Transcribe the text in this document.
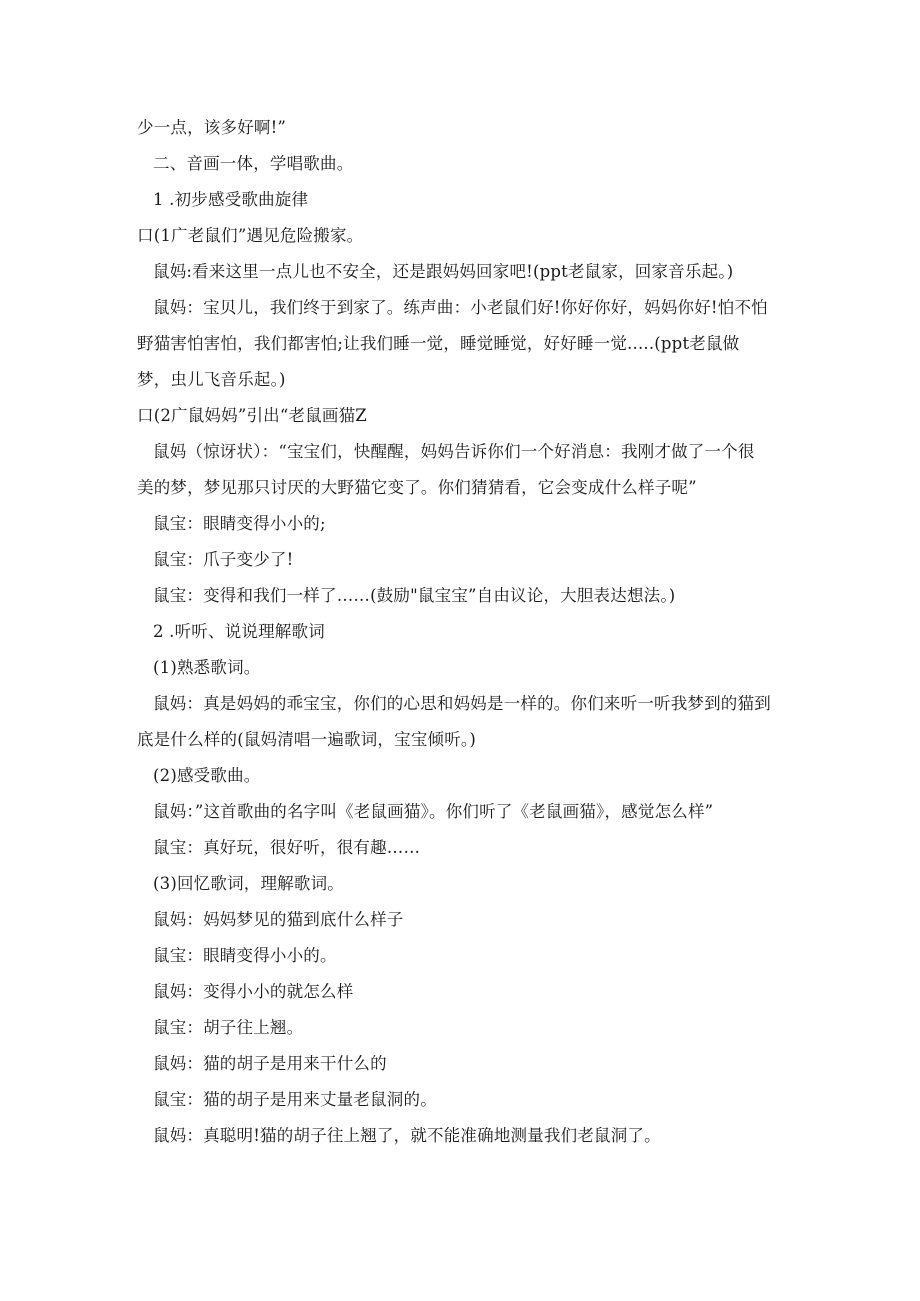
少一点，该多好啊!”
二、音画一体，学唱歌曲。
1 .初步感受歌曲旋律
口(1广老鼠们”遇见危险搬家。
鼠妈:看来这里一点儿也不安全，还是跟妈妈回家吧!(ppt老鼠家，回家音乐起。)
鼠妈：宝贝儿，我们终于到家了。练声曲：小老鼠们好!你好你好，妈妈你好!怕不怕
野猫害怕害怕，我们都害怕;让我们睡一觉，睡觉睡觉，好好睡一觉.....(ppt老鼠做
梦，虫儿飞音乐起。)
口(2广鼠妈妈”引出“老鼠画猫Z
鼠妈（惊讶状）：“宝宝们，快醒醒，妈妈告诉你们一个好消息：我刚才做了一个很
美的梦，梦见那只讨厌的大野猫它变了。你们猜猜看，它会变成什么样子呢”
鼠宝：眼睛变得小小的;
鼠宝：爪子变少了!
鼠宝：变得和我们一样了……(鼓励"鼠宝宝”自由议论，大胆表达想法。)
2 .听听、说说理解歌词
(1)熟悉歌词。
鼠妈：真是妈妈的乖宝宝，你们的心思和妈妈是一样的。你们来听一听我梦到的猫到
底是什么样的(鼠妈清唱一遍歌词，宝宝倾听。)
(2)感受歌曲。
鼠妈：”这首歌曲的名字叫《老鼠画猫》。你们听了《老鼠画猫》，感觉怎么样”
鼠宝：真好玩，很好听，很有趣……
(3)回忆歌词，理解歌词。
鼠妈：妈妈梦见的猫到底什么样子
鼠宝：眼睛变得小小的。
鼠妈：变得小小的就怎么样
鼠宝：胡子往上翘。
鼠妈：猫的胡子是用来干什么的
鼠宝：猫的胡子是用来丈量老鼠洞的。
鼠妈：真聪明!猫的胡子往上翘了，就不能准确地测量我们老鼠洞了。
